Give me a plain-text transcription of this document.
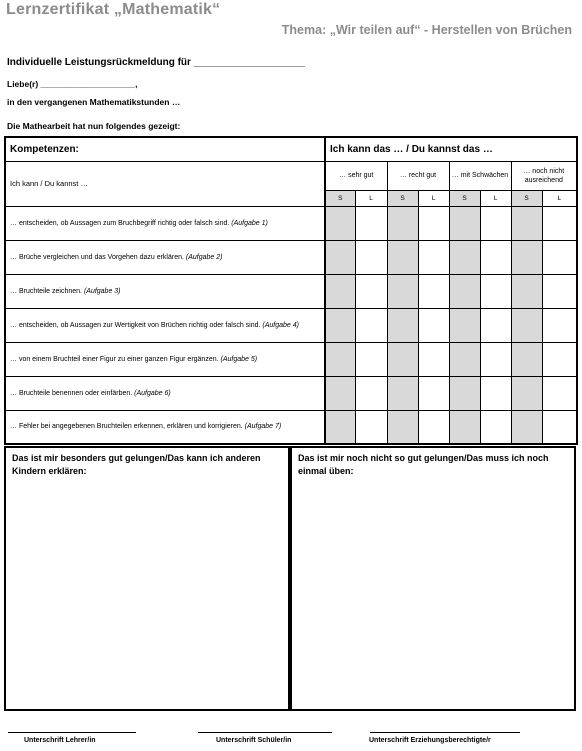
Lernzertifikat „Mathematik“
Thema: „Wir teilen auf“ - Herstellen von Brüchen
Individuelle Leistungsrückmeldung für ____________________
Liebe(r) ____________________,
in den vergangenen Mathematikstunden …
Die Mathearbeit hat nun folgendes gezeigt:
Kompetenzen:	Ich kann das … / Du kannst das …							
Ich kann / Du kannst …	… sehr gut		… recht gut		… mit Schwächen		… noch nicht ausreichend	
	S	L	S	L	S	L	S	L
… entscheiden, ob Aussagen zum Bruchbegriff richtig oder falsch sind. (Aufgabe 1)								
… Brüche vergleichen und das Vorgehen dazu erklären. (Aufgabe 2)								
… Bruchteile zeichnen. (Aufgabe 3)								
… entscheiden, ob Aussagen zur Wertigkeit von Brüchen richtig oder falsch sind. (Aufgabe 4)								
… von einem Bruchteil einer Figur zu einer ganzen Figur ergänzen. (Aufgabe 5)								
… Bruchteile benennen oder einfärben. (Aufgabe 6)								
… Fehler bei angegebenen Bruchteilen erkennen, erklären und korrigieren. (Aufgabe 7)								
Das ist mir besonders gut gelungen/Das kann ich anderen Kindern erklären:
Das ist mir noch nicht so gut gelungen/Das muss ich noch einmal üben:
Unterschrift Lehrer/in	Unterschrift Schüler/in	Unterschrift Erziehungsberechtigte/r
